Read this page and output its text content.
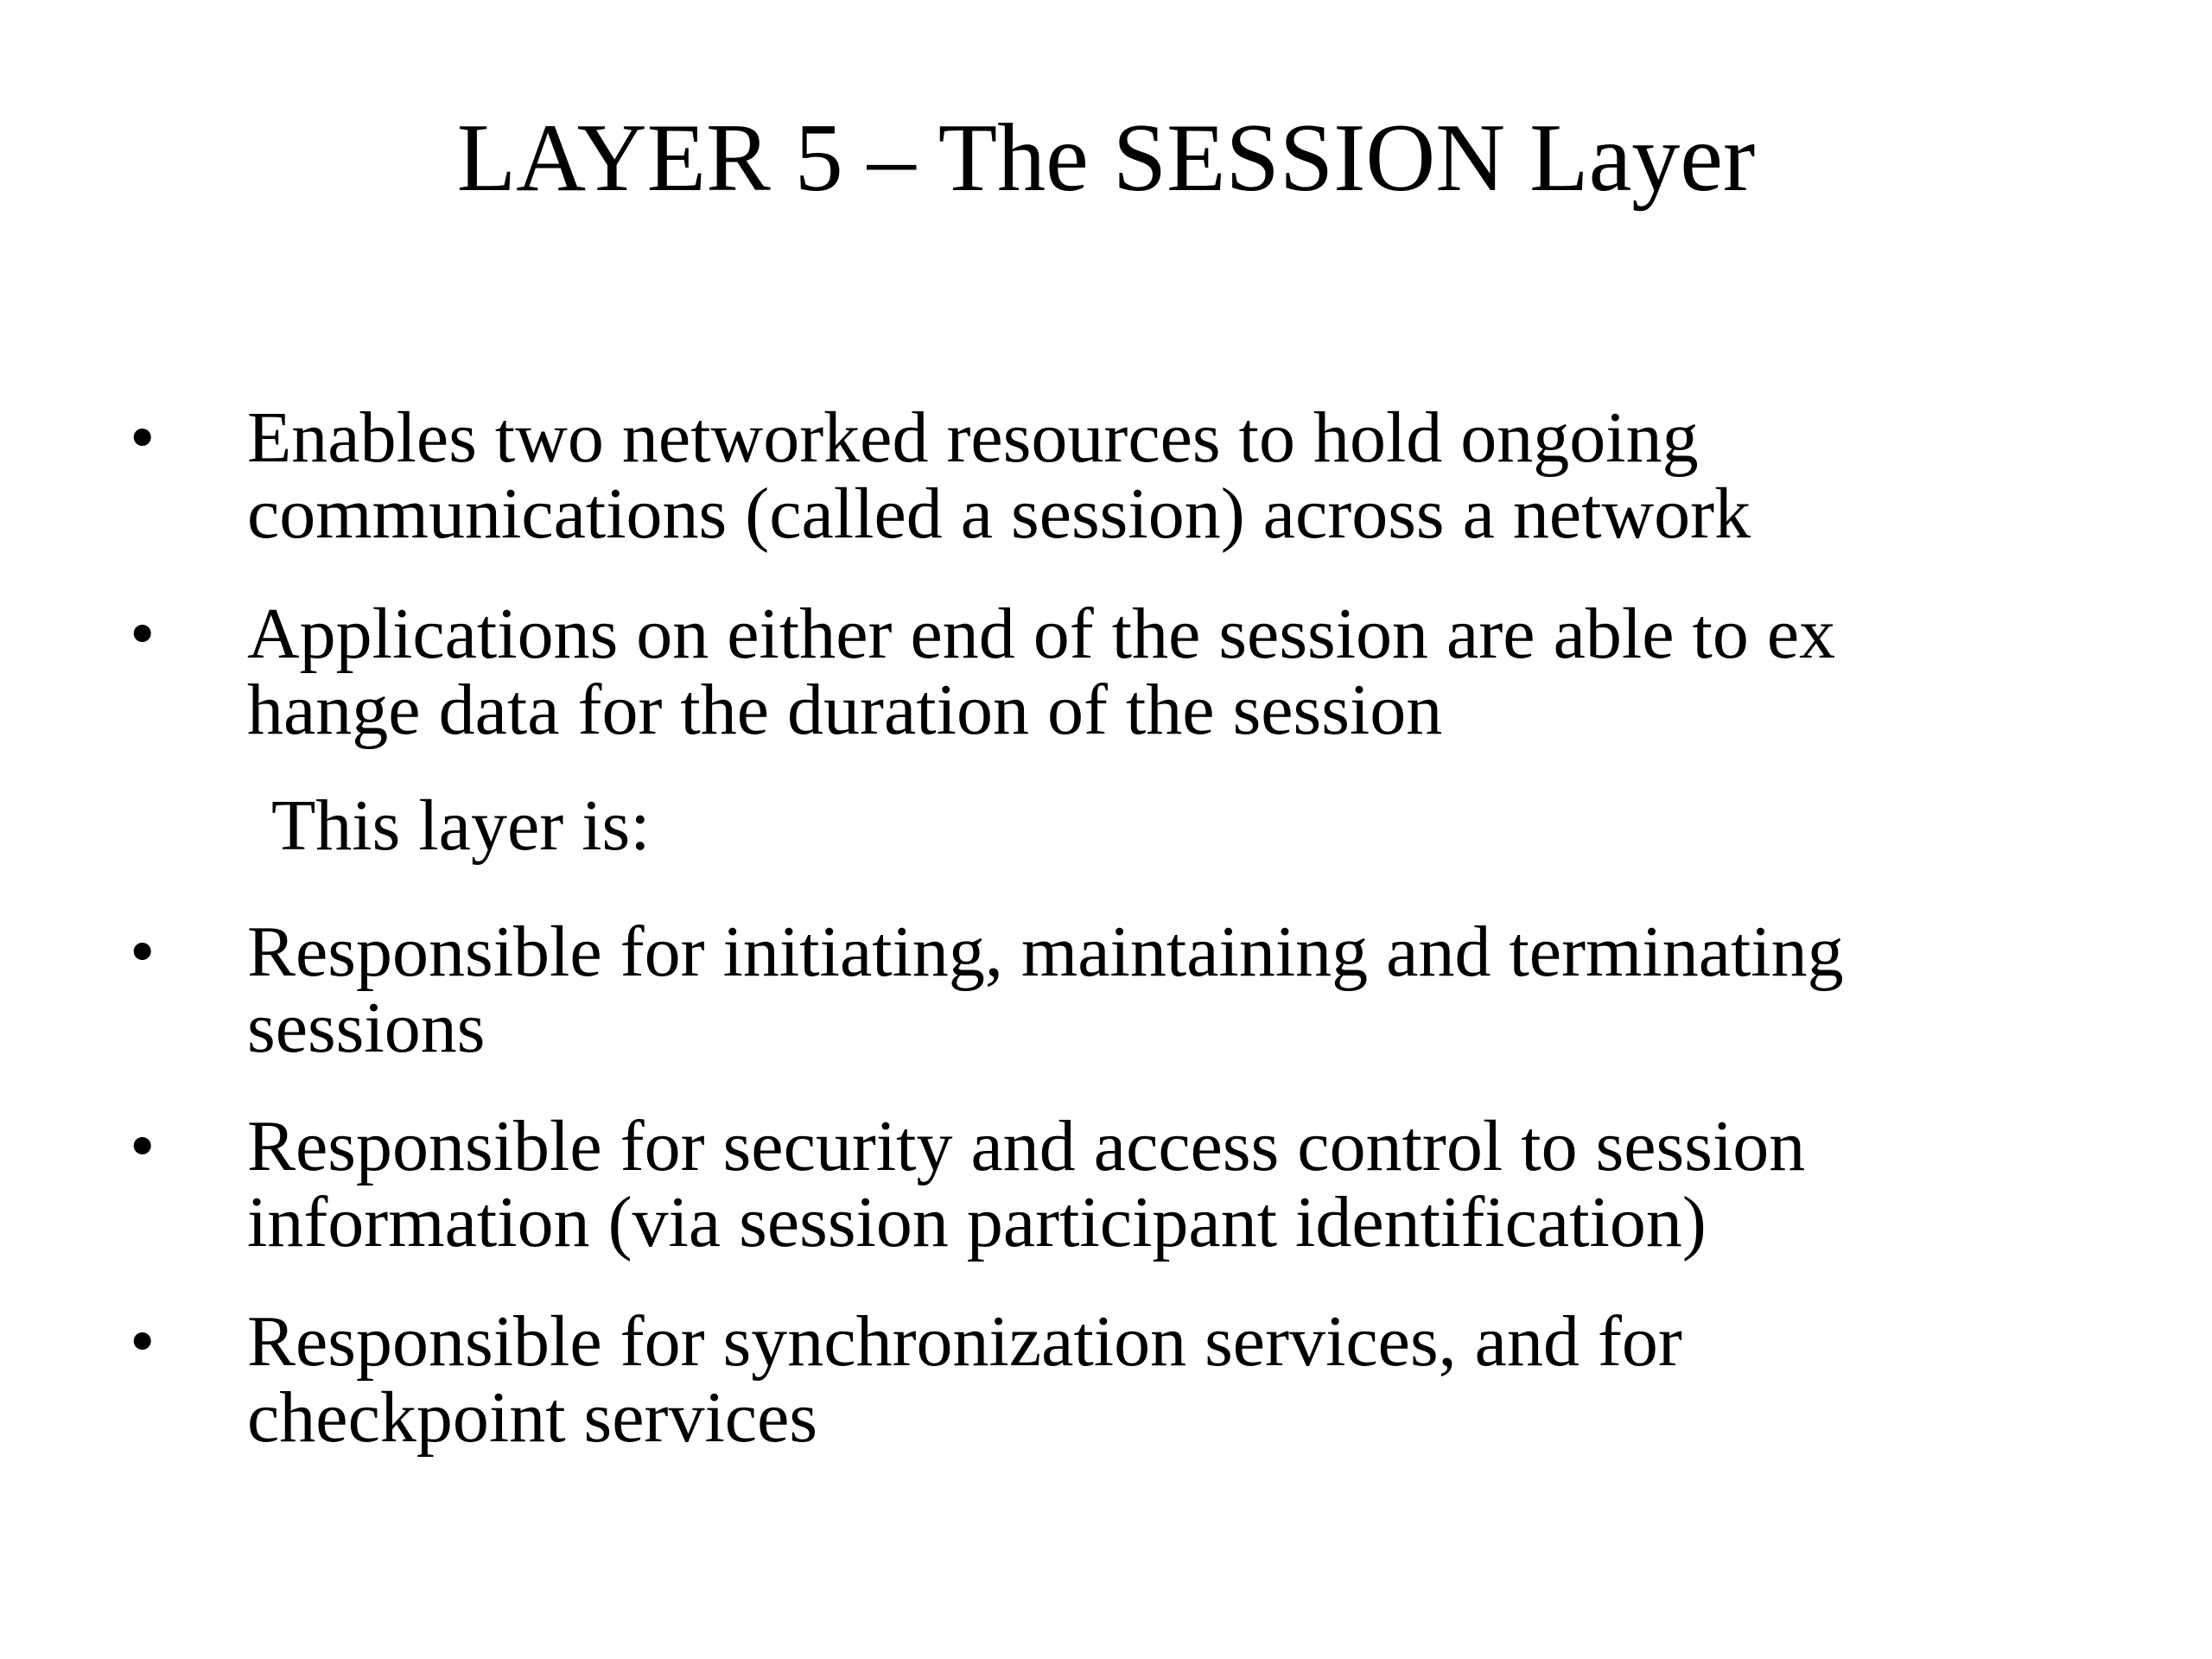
LAYER 5 – The SESSION Layer
•	Enables two networked resources to hold ongoing
communications (called a session) across a network
•	Applications on either end of the session are able to ex
hange data for the duration of the session
This layer is:
•	Responsible for initiating, maintaining and terminating
sessions
•	Responsible for security and access control to session
information (via session participant identification)
•	Responsible for synchronization services, and for
checkpoint services
